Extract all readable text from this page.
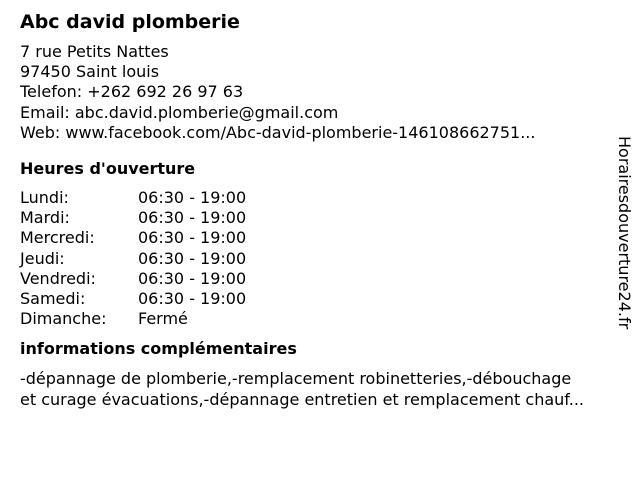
Abc david plomberie
7 rue Petits Nattes
97450 Saint louis
Telefon: +262 692 26 97 63
Email: abc.david.plomberie@gmail.com
Web: www.facebook.com/Abc-david-plomberie-146108662751...
Heures d'ouverture
Lundi:	06:30 - 19:00
Mardi:	06:30 - 19:00
Mercredi:	06:30 - 19:00
Jeudi:	06:30 - 19:00
Vendredi:	06:30 - 19:00
Samedi:	06:30 - 19:00
Dimanche: Fermé
informations complémentaires
-dépannage de plomberie,-remplacement robinetteries,-débouchage
et curage évacuations,-dépannage entretien et remplacement chauf...
Horairesdouverture24.fr
